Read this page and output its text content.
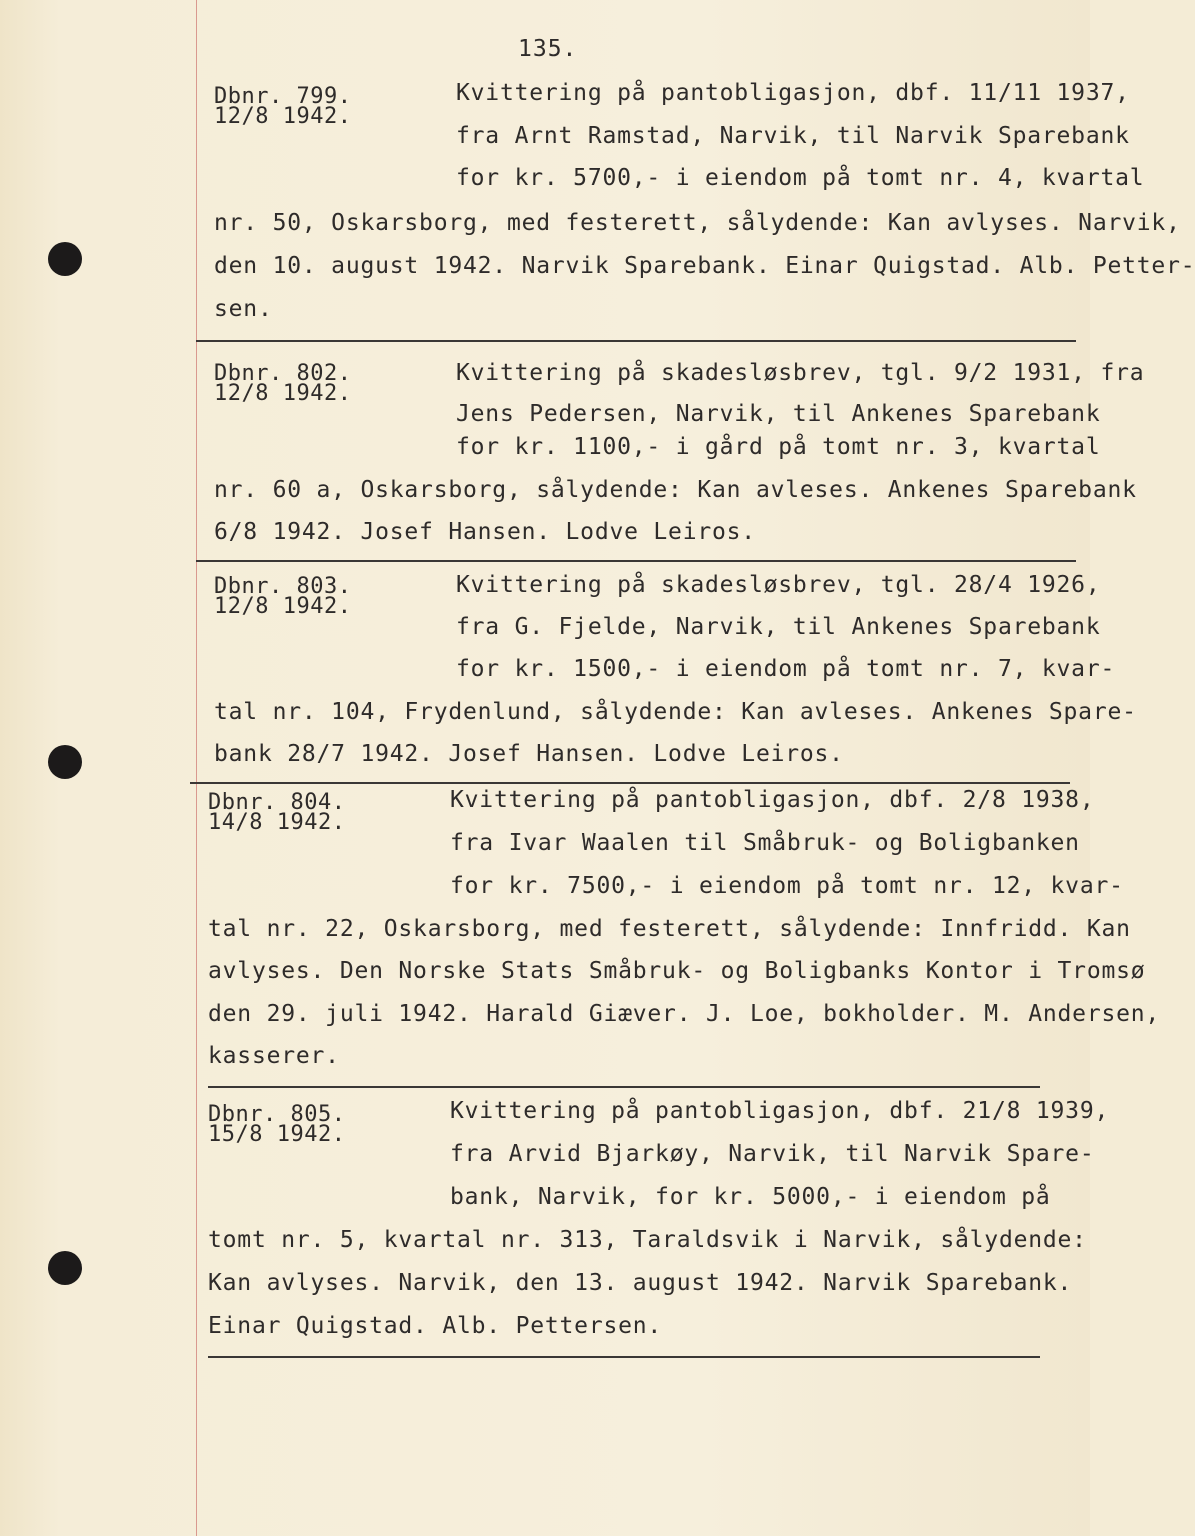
135.
Dbnr. 799.
12/8 1942.
Kvittering på pantobligasjon, dbf. 11/11 1937,
fra Arnt Ramstad, Narvik, til Narvik Sparebank
for kr. 5700,- i eiendom på tomt nr. 4, kvartal
nr. 50, Oskarsborg, med festerett, sålydende: Kan avlyses. Narvik,
den 10. august 1942. Narvik Sparebank. Einar Quigstad. Alb. Petter-
sen.
Dbnr. 802.
12/8 1942.
Kvittering på skadesløsbrev, tgl. 9/2 1931, fra
Jens Pedersen, Narvik, til Ankenes Sparebank
for kr. 1100,- i gård på tomt nr. 3, kvartal
nr. 60 a, Oskarsborg, sålydende: Kan avleses. Ankenes Sparebank
6/8 1942. Josef Hansen. Lodve Leiros.
Dbnr. 803.
12/8 1942.
Kvittering på skadesløsbrev, tgl. 28/4 1926,
fra G. Fjelde, Narvik, til Ankenes Sparebank
for kr. 1500,- i eiendom på tomt nr. 7, kvar-
tal nr. 104, Frydenlund, sålydende: Kan avleses. Ankenes Spare-
bank 28/7 1942. Josef Hansen. Lodve Leiros.
Dbnr. 804.
14/8 1942.
Kvittering på pantobligasjon, dbf. 2/8 1938,
fra Ivar Waalen til Småbruk- og Boligbanken
for kr. 7500,- i eiendom på tomt nr. 12, kvar-
tal nr. 22, Oskarsborg, med festerett, sålydende: Innfridd. Kan
avlyses. Den Norske Stats Småbruk- og Boligbanks Kontor i Tromsø
den 29. juli 1942. Harald Giæver. J. Loe, bokholder. M. Andersen,
kasserer.
Dbnr. 805.
15/8 1942.
Kvittering på pantobligasjon, dbf. 21/8 1939,
fra Arvid Bjarkøy, Narvik, til Narvik Spare-
bank, Narvik, for kr. 5000,- i eiendom på
tomt nr. 5, kvartal nr. 313, Taraldsvik i Narvik, sålydende:
Kan avlyses. Narvik, den 13. august 1942. Narvik Sparebank.
Einar Quigstad. Alb. Pettersen.
